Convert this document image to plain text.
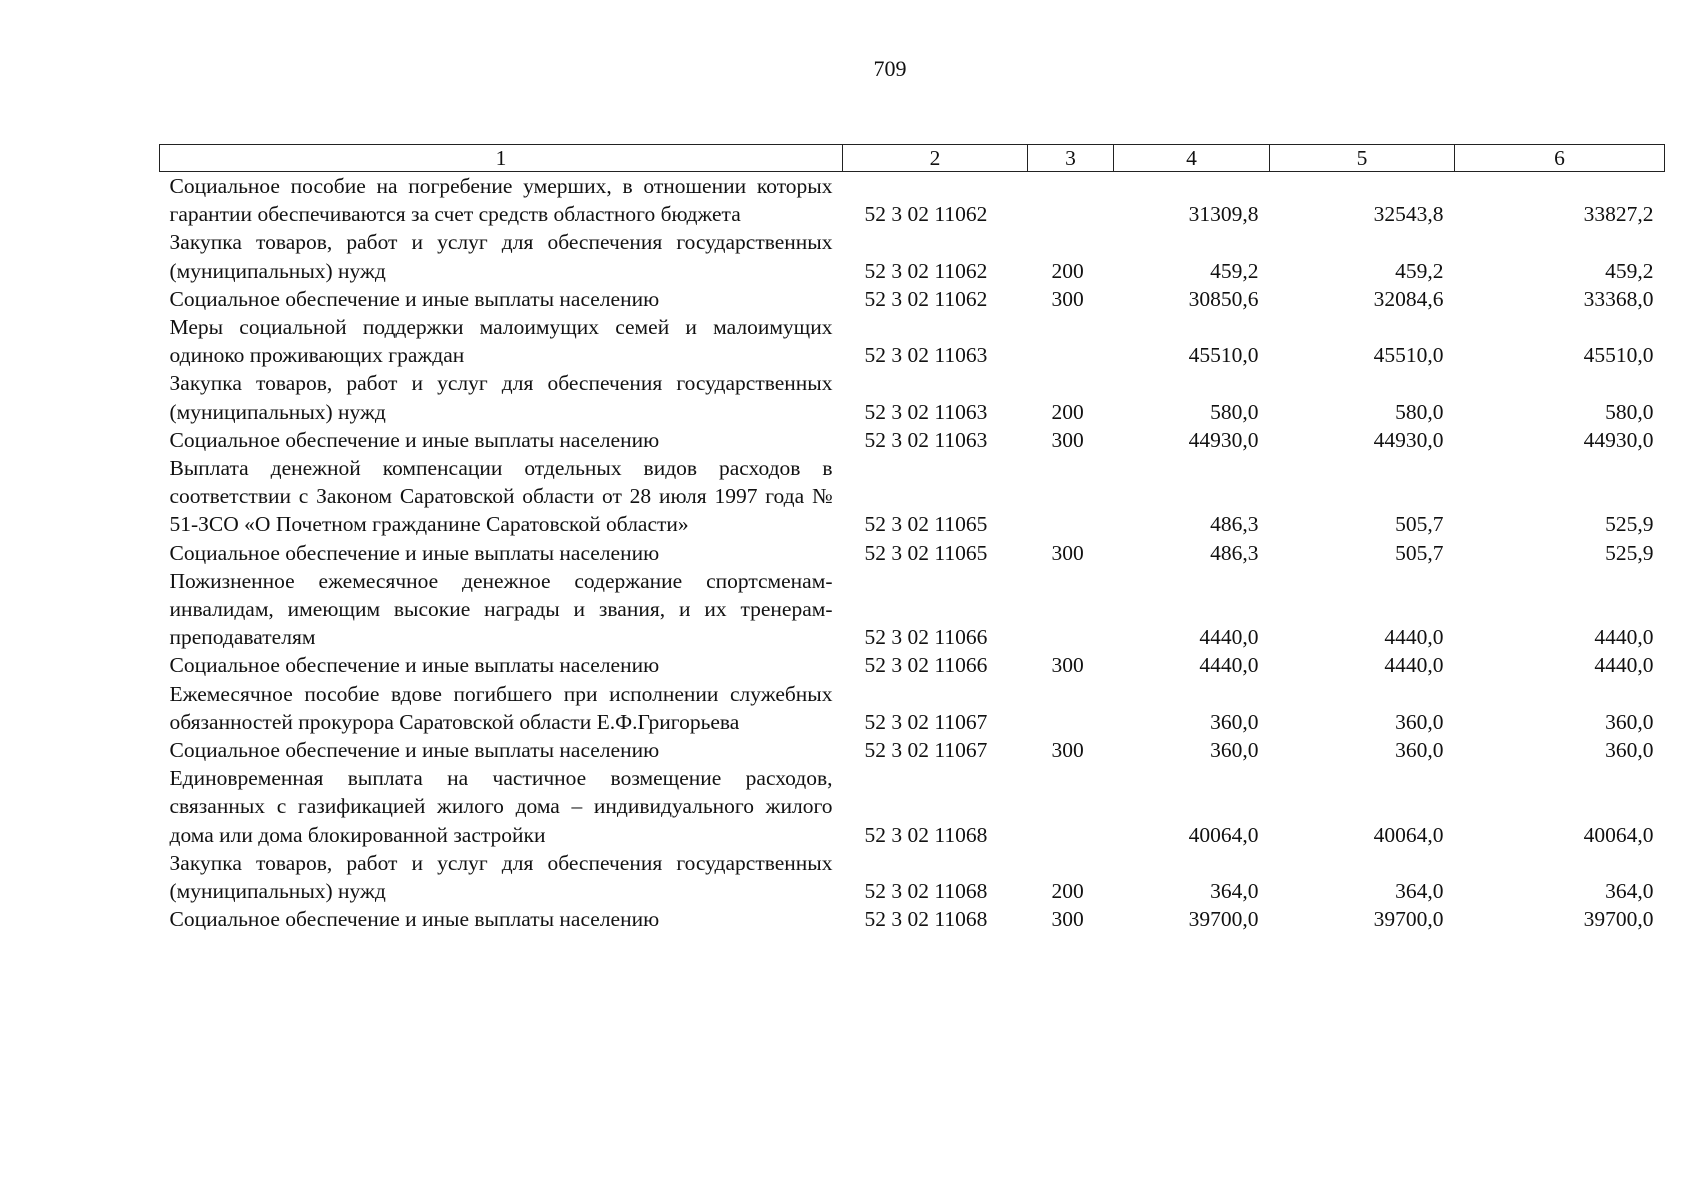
709
1	2	3	4	5	6
Социальное пособие на погребение умерших, в отношении которых гарантии обеспечиваются за счет средств областного бюджета	52 3 02 11062		31309,8	32543,8	33827,2
Закупка товаров, работ и услуг для обеспечения государственных (муниципальных) нужд	52 3 02 11062	200	459,2	459,2	459,2
Социальное обеспечение и иные выплаты населению	52 3 02 11062	300	30850,6	32084,6	33368,0
Меры социальной поддержки малоимущих семей и малоимущих одиноко проживающих граждан	52 3 02 11063		45510,0	45510,0	45510,0
Закупка товаров, работ и услуг для обеспечения государственных (муниципальных) нужд	52 3 02 11063	200	580,0	580,0	580,0
Социальное обеспечение и иные выплаты населению	52 3 02 11063	300	44930,0	44930,0	44930,0
Выплата денежной компенсации отдельных видов расходов в соответствии с Законом Саратовской области от 28 июля 1997 года № 51-ЗСО «О Почетном гражданине Саратовской области»	52 3 02 11065		486,3	505,7	525,9
Социальное обеспечение и иные выплаты населению	52 3 02 11065	300	486,3	505,7	525,9
Пожизненное ежемесячное денежное содержание спортсменам-инвалидам, имеющим высокие награды и звания, и их тренерам-преподавателям	52 3 02 11066		4440,0	4440,0	4440,0
Социальное обеспечение и иные выплаты населению	52 3 02 11066	300	4440,0	4440,0	4440,0
Ежемесячное пособие вдове погибшего при исполнении служебных обязанностей прокурора Саратовской области Е.Ф.Григорьева	52 3 02 11067		360,0	360,0	360,0
Социальное обеспечение и иные выплаты населению	52 3 02 11067	300	360,0	360,0	360,0
Единовременная выплата на частичное возмещение расходов, связанных с газификацией жилого дома – индивидуального жилого дома или дома блокированной застройки	52 3 02 11068		40064,0	40064,0	40064,0
Закупка товаров, работ и услуг для обеспечения государственных (муниципальных) нужд	52 3 02 11068	200	364,0	364,0	364,0
Социальное обеспечение и иные выплаты населению	52 3 02 11068	300	39700,0	39700,0	39700,0
